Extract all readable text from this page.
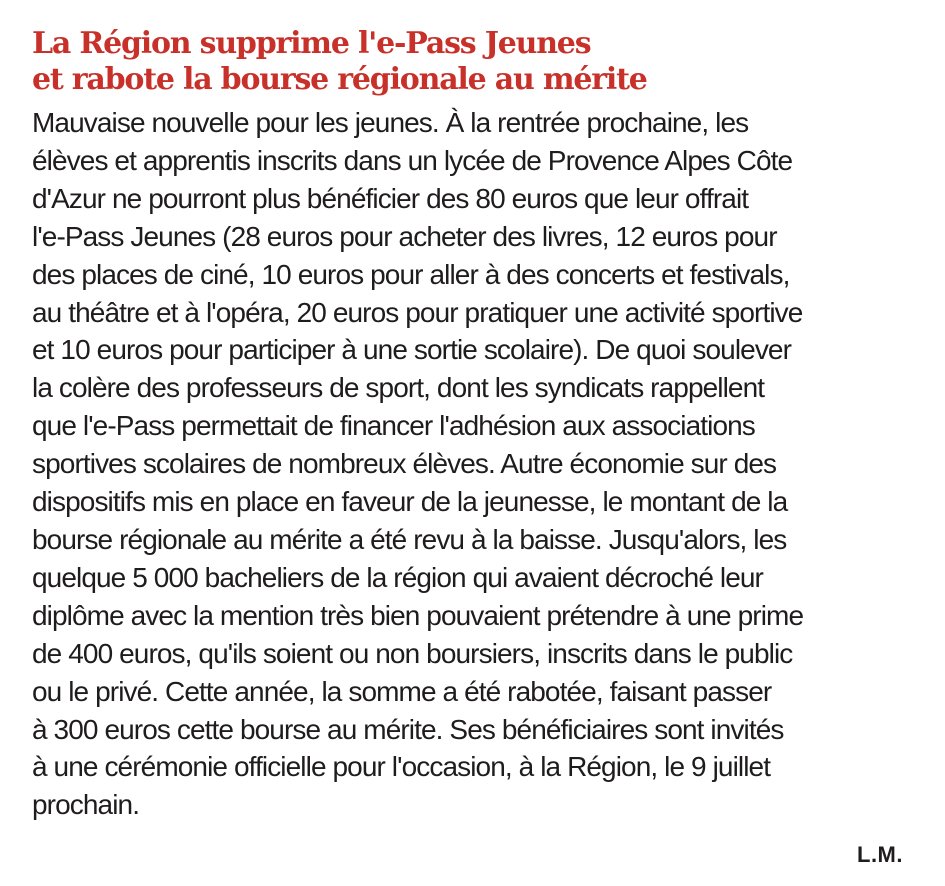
La Région supprime l'e-Pass Jeunes
et rabote la bourse régionale au mérite

Mauvaise nouvelle pour les jeunes. À la rentrée prochaine, les
élèves et apprentis inscrits dans un lycée de Provence Alpes Côte
d'Azur ne pourront plus bénéficier des 80 euros que leur offrait
l'e-Pass Jeunes (28 euros pour acheter des livres, 12 euros pour
des places de ciné, 10 euros pour aller à des concerts et festivals,
au théâtre et à l'opéra, 20 euros pour pratiquer une activité sportive
et 10 euros pour participer à une sortie scolaire). De quoi soulever
la colère des professeurs de sport, dont les syndicats rappellent
que l'e-Pass permettait de financer l'adhésion aux associations
sportives scolaires de nombreux élèves. Autre économie sur des
dispositifs mis en place en faveur de la jeunesse, le montant de la
bourse régionale au mérite a été revu à la baisse. Jusqu'alors, les
quelque 5 000 bacheliers de la région qui avaient décroché leur
diplôme avec la mention très bien pouvaient prétendre à une prime
de 400 euros, qu'ils soient ou non boursiers, inscrits dans le public
ou le privé. Cette année, la somme a été rabotée, faisant passer
à 300 euros cette bourse au mérite. Ses bénéficiaires sont invités
à une cérémonie officielle pour l'occasion, à la Région, le 9 juillet
prochain.

L.M.
